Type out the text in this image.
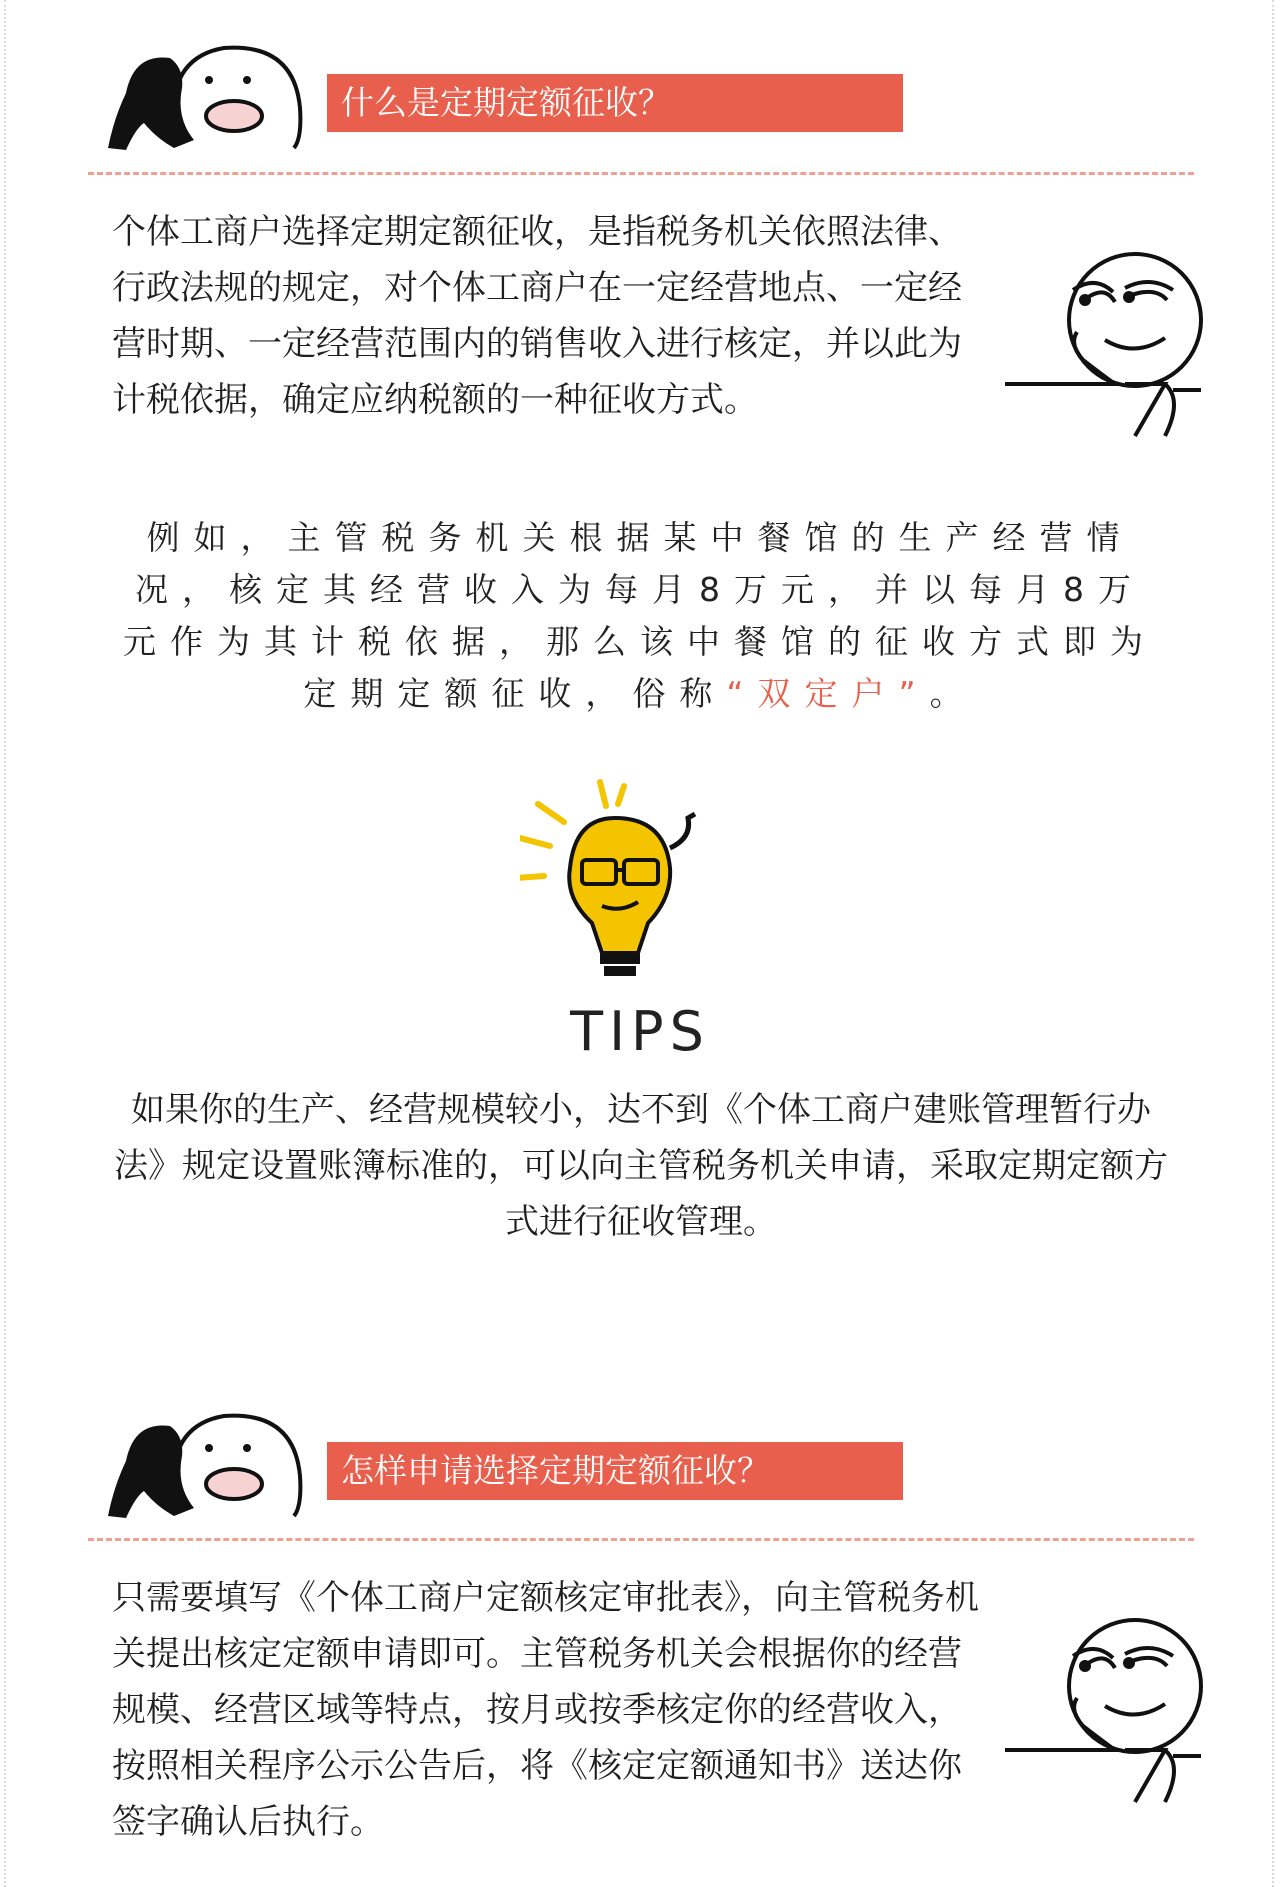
什么是定期定额征收？

个体工商户选择定期定额征收，是指税务机关依照法律、行政法规的规定，对个体工商户在一定经营地点、一定经营时期、一定经营范围内的销售收入进行核定，并以此为计税依据，确定应纳税额的一种征收方式。

例如，主管税务机关根据某中餐馆的生产经营情况，核定其经营收入为每月8万元，并以每月8万元作为其计税依据，那么该中餐馆的征收方式即为定期定额征收，俗称“双定户”。

TIPS

如果你的生产、经营规模较小，达不到《个体工商户建账管理暂行办法》规定设置账簿标准的，可以向主管税务机关申请，采取定期定额方式进行征收管理。

怎样申请选择定期定额征收？

只需要填写《个体工商户定额核定审批表》，向主管税务机关提出核定定额申请即可。主管税务机关会根据你的经营规模、经营区域等特点，按月或按季核定你的经营收入，按照相关程序公示公告后，将《核定定额通知书》送达你签字确认后执行。
